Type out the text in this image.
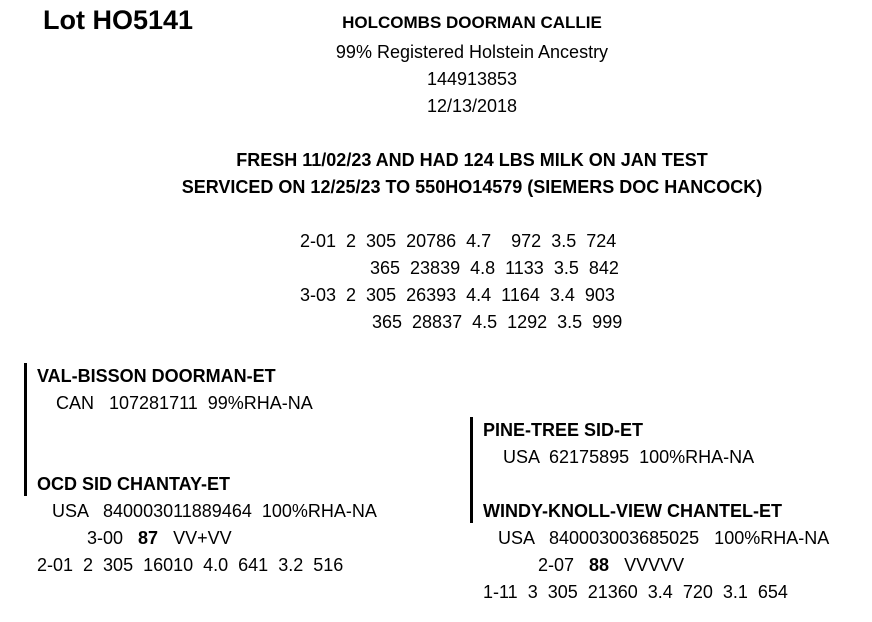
Lot HO5141	HOLCOMBS DOORMAN CALLIE
99% Registered Holstein Ancestry
144913853
12/13/2018
FRESH 11/02/23 AND HAD 124 LBS MILK ON JAN TEST
SERVICED ON 12/25/23 TO 550HO14579 (SIEMERS DOC HANCOCK)
2-01  2  305  20786  4.7    972  3.5  724
365  23839  4.8  1133  3.5  842
3-03  2  305  26393  4.4  1164  3.4  903
365  28837  4.5  1292  3.5  999
VAL-BISSON DOORMAN-ET
CAN   107281711  99%RHA-NA
OCD SID CHANTAY-ET
USA   840003011889464  100%RHA-NA
3-00 87 VV+VV
2-01  2  305  16010  4.0  641  3.2  516
PINE-TREE SID-ET
USA  62175895  100%RHA-NA
WINDY-KNOLL-VIEW CHANTEL-ET
USA   840003003685025   100%RHA-NA
2-07 88 VVVVV
1-11  3  305  21360  3.4  720  3.1  654
